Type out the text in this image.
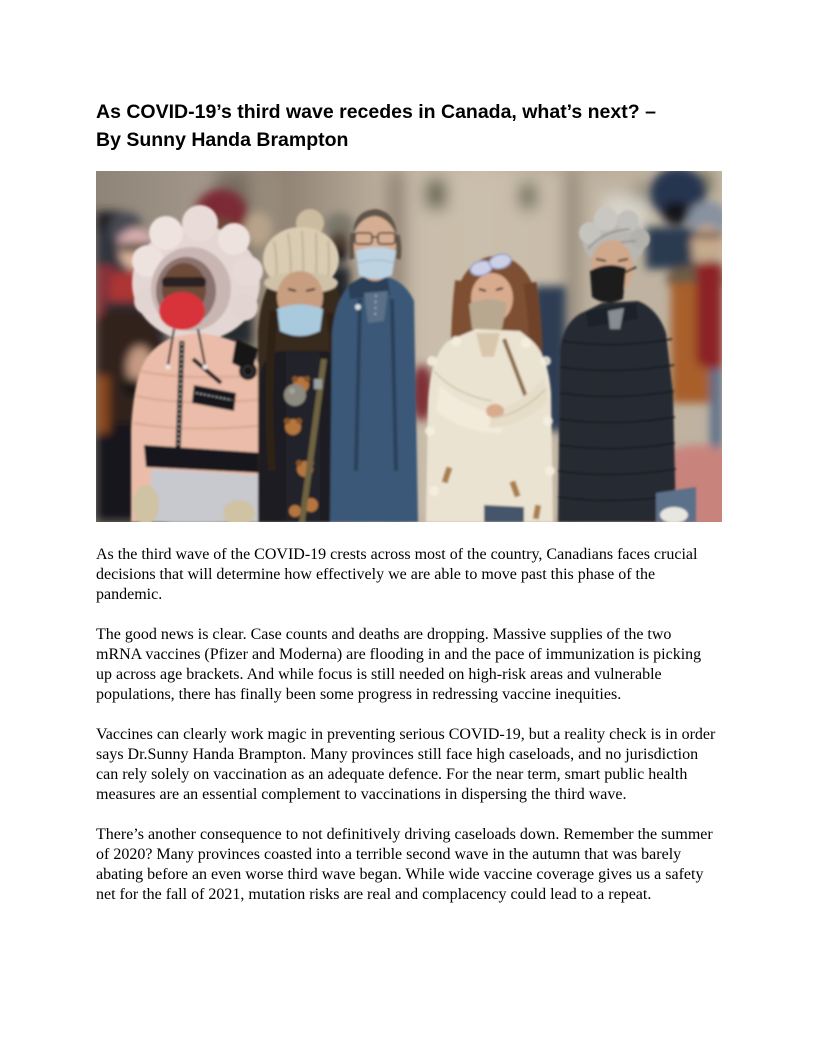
As COVID-19’s third wave recedes in Canada, what’s next? – By Sunny Handa Brampton

As the third wave of the COVID-19 crests across most of the country, Canadians faces crucial decisions that will determine how effectively we are able to move past this phase of the pandemic.

The good news is clear. Case counts and deaths are dropping. Massive supplies of the two mRNA vaccines (Pfizer and Moderna) are flooding in and the pace of immunization is picking up across age brackets. And while focus is still needed on high-risk areas and vulnerable populations, there has finally been some progress in redressing vaccine inequities.

Vaccines can clearly work magic in preventing serious COVID-19, but a reality check is in order says Dr.Sunny Handa Brampton. Many provinces still face high caseloads, and no jurisdiction can rely solely on vaccination as an adequate defence. For the near term, smart public health measures are an essential complement to vaccinations in dispersing the third wave.

There’s another consequence to not definitively driving caseloads down. Remember the summer of 2020? Many provinces coasted into a terrible second wave in the autumn that was barely abating before an even worse third wave began. While wide vaccine coverage gives us a safety net for the fall of 2021, mutation risks are real and complacency could lead to a repeat.
